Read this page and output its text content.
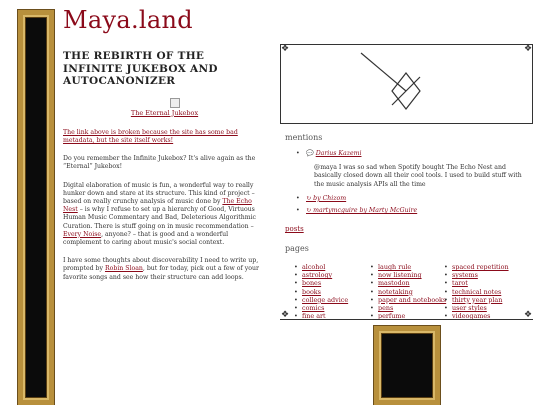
Maya.land
THE REBIRTH OF THE INFINITE JUKEBOX AND AUTOCANONIZER
The Eternal Jukebox

The link above is broken because the site has some bad metadata, but the site itself works!

Do you remember the Infinite Jukebox? It's alive again as the “Eternal” Jukebox!

Digital elaboration of music is fun, a wonderful way to really hunker down and stare at its structure. This kind of project – based on really crunchy analysis of music done by The Echo Nest – is why I refuse to set up a hierarchy of Good, Virtuous Human Music Commentary and Bad, Deleterious Algorithmic Curation. There is stuff going on in music recommendation – Every Noise, anyone? – that is good and a wonderful complement to caring about music's social context.

I have some thoughts about discoverability I need to write up, prompted by Robin Sloan, but for today, pick out a few of your favorite songs and see how their structure can add loops.

❖	❖
mentions
• 💬 Darius Kazemi
@maya I was so sad when Spotify bought The Echo Nest and basically closed down all their cool tools. I used to build stuff with the music analysis APIs all the time
• ↻ by Chizom
• ↻ martymcguire by Marty McGuire
posts
pages
• alcohol
• astrology
• bones
• books
• college advice
• comics
• fine art
• laugh rule
• now listening
• mastodon
• notetaking
• paper and notebooks
• pens
• perfume
• spaced repetition
• systems
• tarot
• technical notes
• thirty year plan
• user styles
• videogames
❖	❖
